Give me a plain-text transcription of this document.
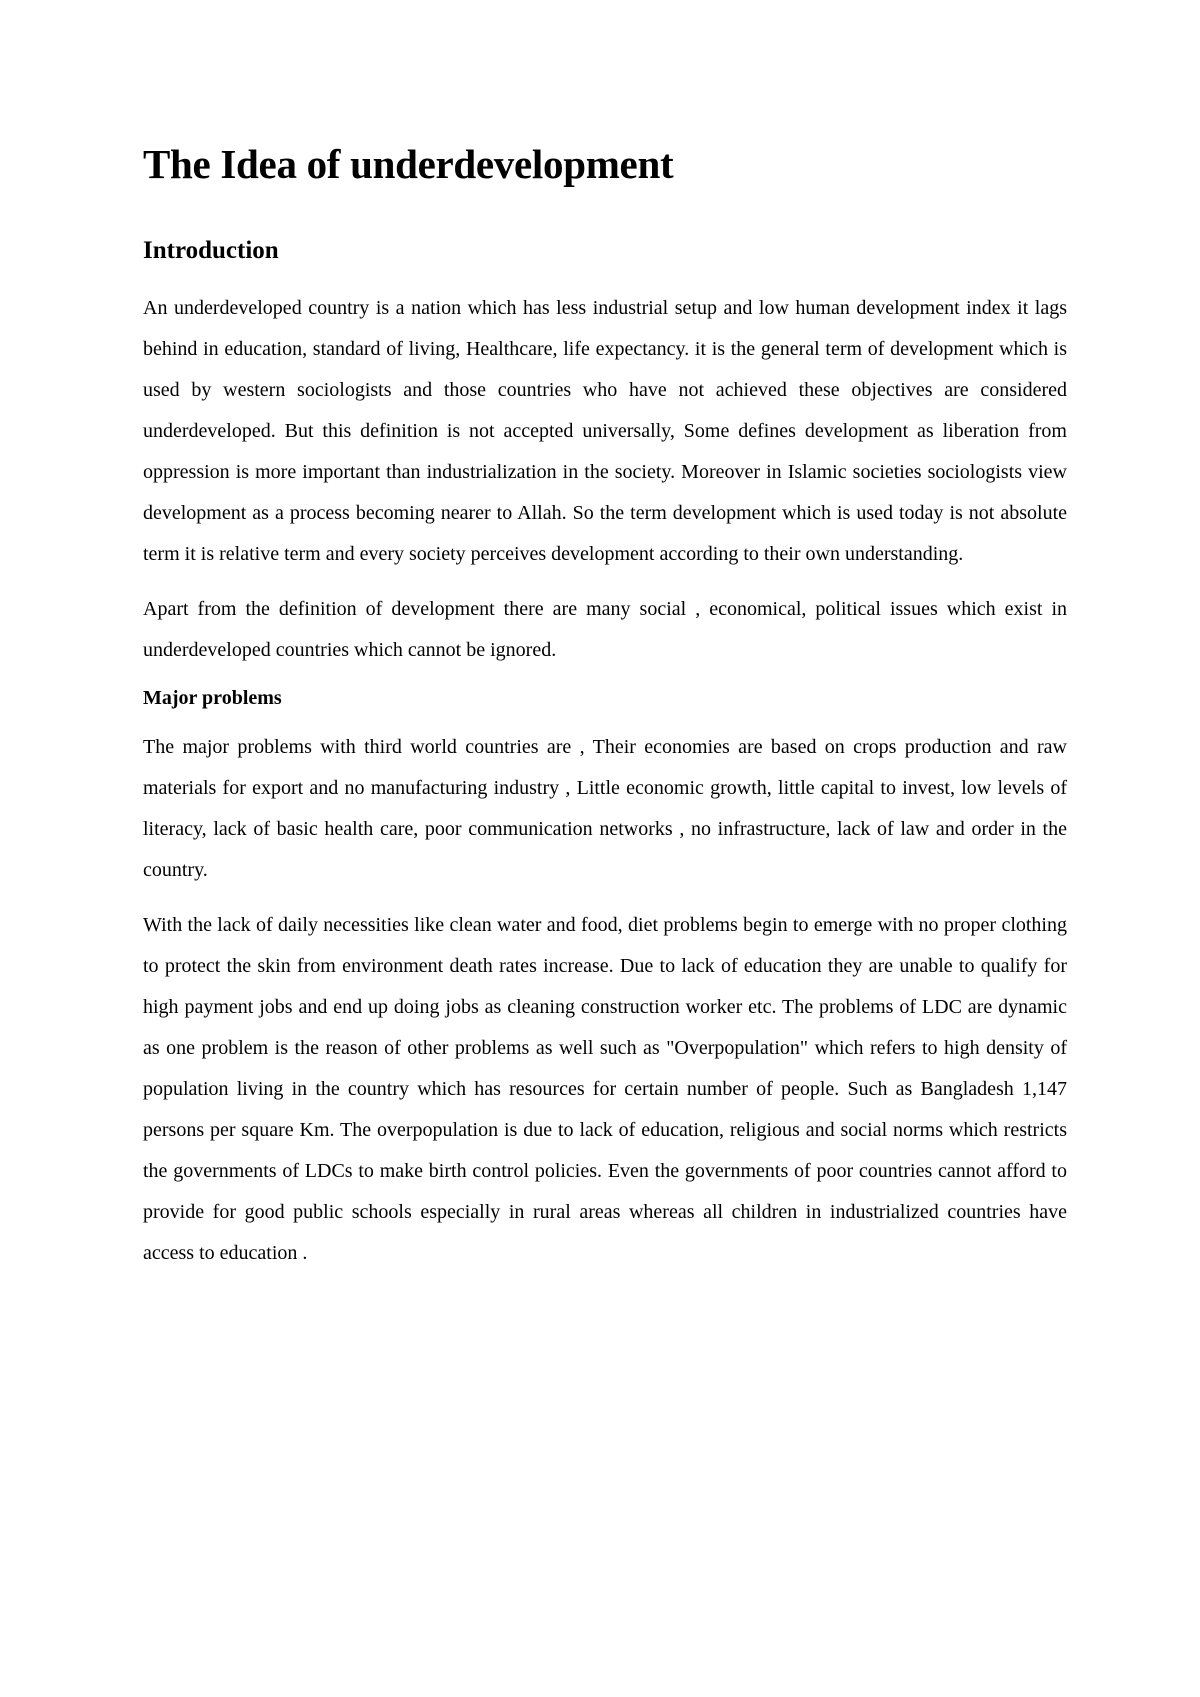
The Idea of underdevelopment
Introduction

An underdeveloped country is a nation which has less industrial setup and low human development index it lags behind in education, standard of living, Healthcare, life expectancy. it is the general term of development which is used by western sociologists and those countries who have not achieved these objectives are considered underdeveloped. But this definition is not accepted universally, Some defines development as liberation from oppression is more important than industrialization in the society. Moreover in Islamic societies sociologists view development as a process becoming nearer to Allah. So the term development which is used today is not absolute term it is relative term and every society perceives development according to their own understanding.

Apart from the definition of development there are many social , economical, political issues which exist in underdeveloped countries which cannot be ignored.

Major problems

The major problems with third world countries are , Their economies are based on crops production and raw materials for export and no manufacturing industry , Little economic growth, little capital to invest, low levels of literacy, lack of basic health care, poor communication networks , no infrastructure, lack of law and order in the country.

With the lack of daily necessities like clean water and food, diet problems begin to emerge with no proper clothing to protect the skin from environment death rates increase. Due to lack of education they are unable to qualify for high payment jobs and end up doing jobs as cleaning construction worker etc. The problems of LDC are dynamic as one problem is the reason of other problems as well such as "Overpopulation" which refers to high density of population living in the country which has resources for certain number of people. Such as Bangladesh 1,147 persons per square Km. The overpopulation is due to lack of education, religious and social norms which restricts the governments of LDCs to make birth control policies. Even the governments of poor countries cannot afford to provide for good public schools especially in rural areas whereas all children in industrialized countries have access to education .
